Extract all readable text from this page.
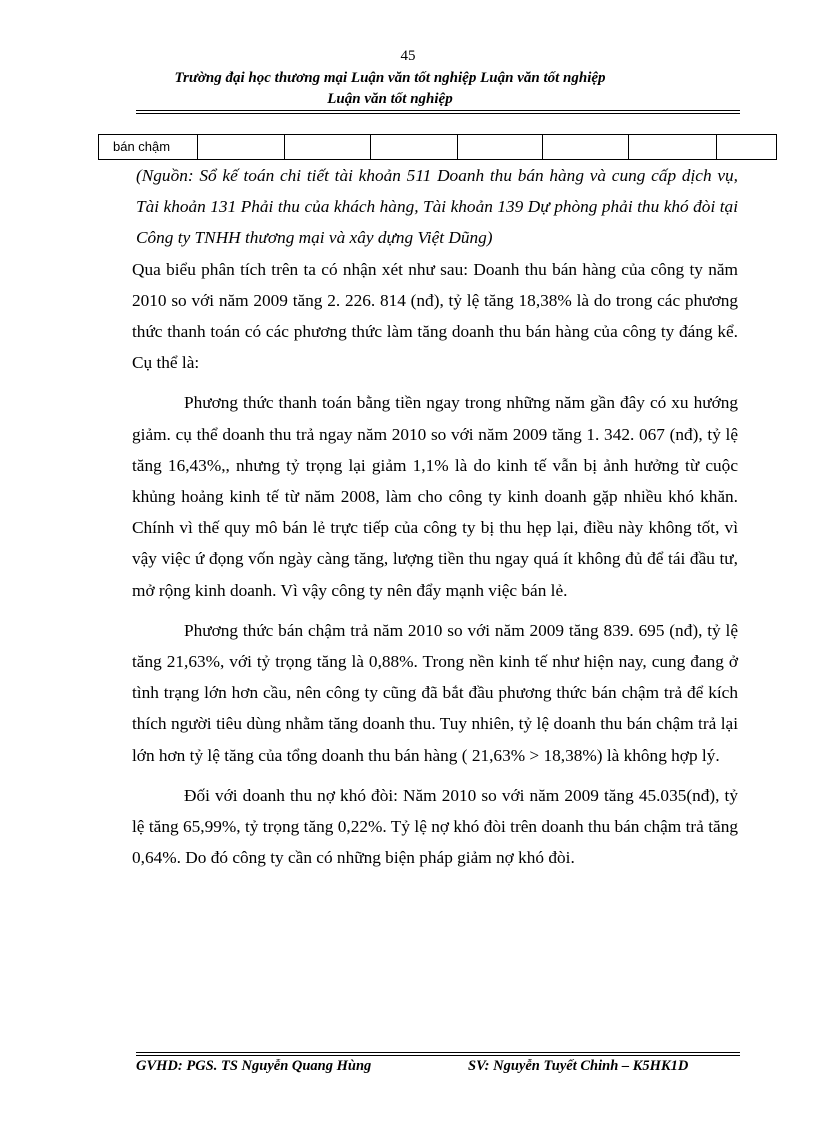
45
Trường đại học thương mại Luận văn tốt nghiệp Luận văn tốt nghiệp
Luận văn tốt nghiệp
bán chậm

(Nguồn: Sổ kế toán chi tiết tài khoản 511 Doanh thu bán hàng và cung cấp dịch vụ, Tài khoản 131 Phải thu của khách hàng, Tài khoản 139 Dự phòng phải thu khó đòi tại Công ty TNHH thương mại và xây dựng Việt Dũng)

Qua biểu phân tích trên ta có nhận xét như sau: Doanh thu bán hàng của công ty năm 2010 so với năm 2009 tăng 2. 226. 814 (nđ), tỷ lệ tăng 18,38% là do trong các phương thức thanh toán có các phương thức làm tăng doanh thu bán hàng của công ty đáng kể. Cụ thể là:

Phương thức thanh toán bằng tiền ngay trong những năm gần đây có xu hướng giảm. cụ thể doanh thu trả ngay năm 2010 so với năm 2009 tăng 1. 342. 067 (nđ), tỷ lệ tăng 16,43%,, nhưng tỷ trọng lại giảm 1,1% là do kinh tế vẫn bị ảnh hưởng từ cuộc khủng hoảng kinh tế từ năm 2008, làm cho công ty kinh doanh gặp nhiều khó khăn. Chính vì thế quy mô bán lẻ trực tiếp của công ty bị thu hẹp lại, điều này không tốt, vì vậy việc ứ đọng vốn ngày càng tăng, lượng tiền thu ngay quá ít không đủ để tái đầu tư, mở rộng kinh doanh. Vì vậy công ty nên đẩy mạnh việc bán lẻ.

Phương thức bán chậm trả năm 2010 so với năm 2009 tăng 839. 695 (nđ), tỷ lệ tăng 21,63%, với tỷ trọng tăng là 0,88%. Trong nền kinh tế như hiện nay, cung đang ở tình trạng lớn hơn cầu, nên công ty cũng đã bắt đầu phương thức bán chậm trả để kích thích người tiêu dùng nhằm tăng doanh thu. Tuy nhiên, tỷ lệ doanh thu bán chậm trả lại lớn hơn tỷ lệ tăng của tổng doanh thu bán hàng ( 21,63% > 18,38%) là không hợp lý.

Đối với doanh thu nợ khó đòi: Năm 2010 so với năm 2009 tăng 45.035(nđ), tỷ lệ tăng 65,99%, tỷ trọng tăng 0,22%. Tỷ lệ nợ khó đòi trên doanh thu bán chậm trả tăng 0,64%. Do đó công ty cần có những biện pháp giảm nợ khó đòi.

GVHD: PGS. TS Nguyễn Quang Hùng	SV: Nguyễn Tuyết Chinh – K5HK1D
